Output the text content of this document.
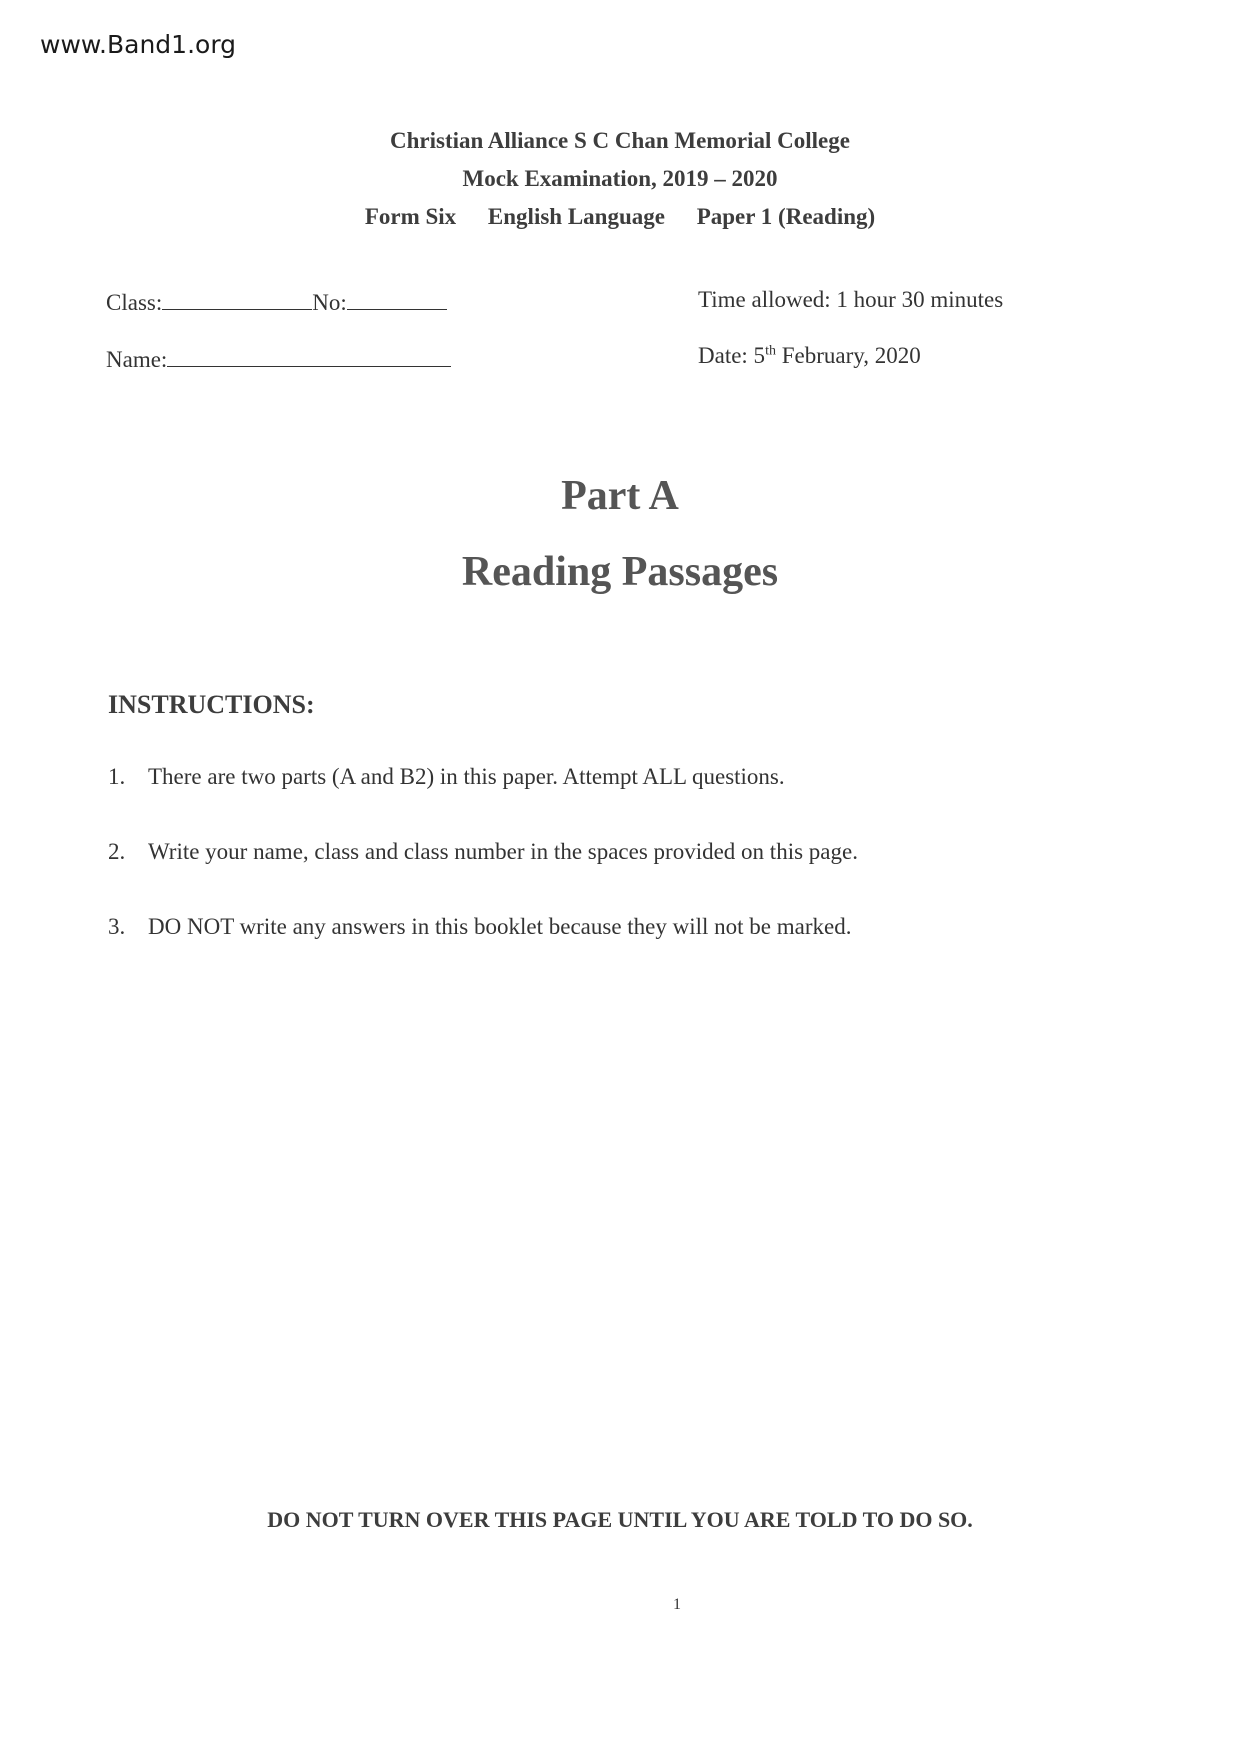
www.Band1.org
Christian Alliance S C Chan Memorial College
Mock Examination, 2019 – 2020
Form Six English Language Paper 1 (Reading)
Class:	No:
Name:
Time allowed: 1 hour 30 minutes
Date: 5th February, 2020
Part A
Reading Passages
INSTRUCTIONS:
1. There are two parts (A and B2) in this paper. Attempt ALL questions.
2. Write your name, class and class number in the spaces provided on this page.
3. DO NOT write any answers in this booklet because they will not be marked.
DO NOT TURN OVER THIS PAGE UNTIL YOU ARE TOLD TO DO SO.
1
